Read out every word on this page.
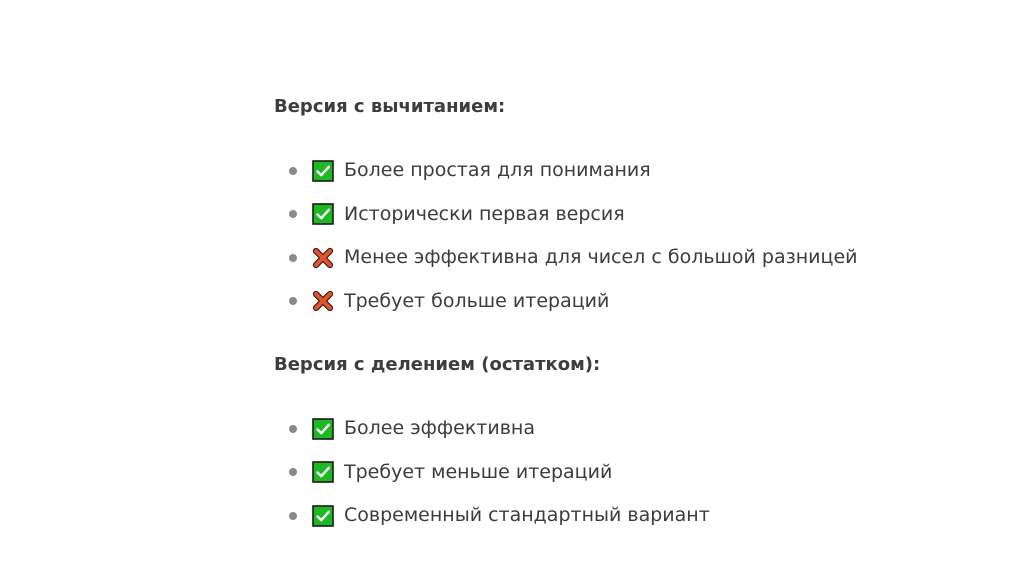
Версия с вычитанием:
Более простая для понимания
Исторически первая версия
Менее эффективна для чисел с большой разницей
Требует больше итераций
Версия с делением (остатком):
Более эффективна
Требует меньше итераций
Современный стандартный вариант
